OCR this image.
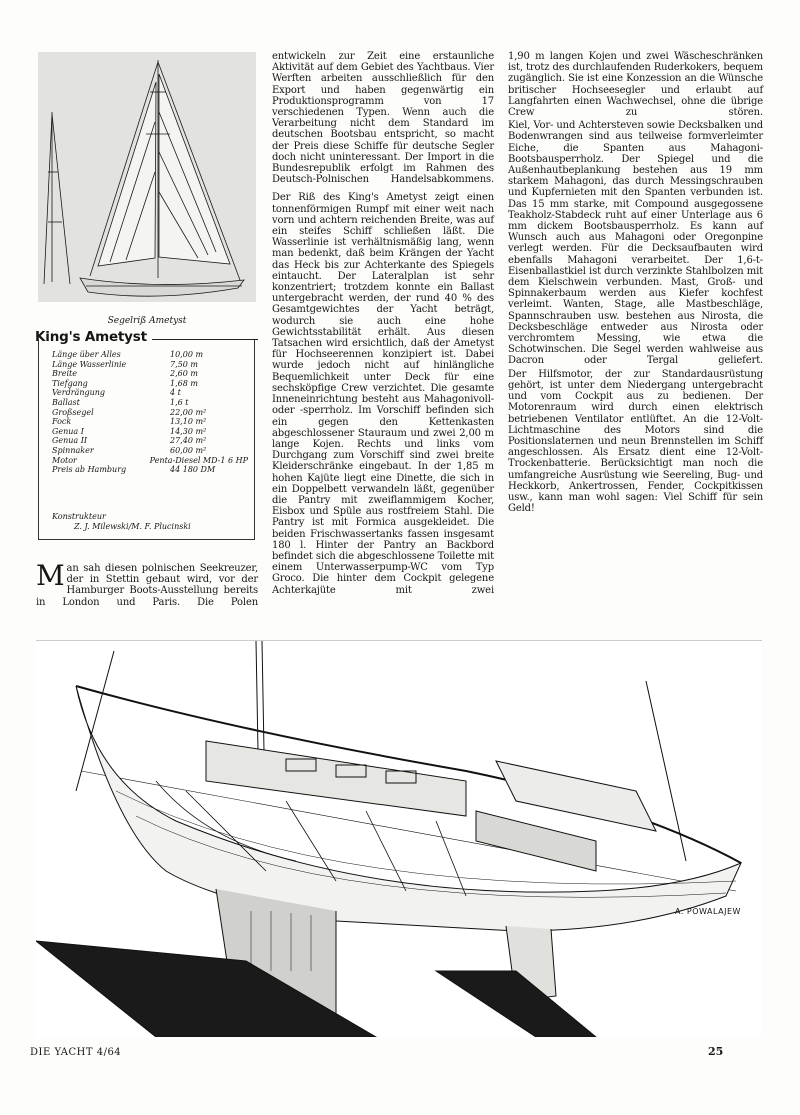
Segelriß Ametyst
King's Ametyst
Länge über Alles	10,00 m
Länge Wasserlinie	7,50 m
Breite	2,60 m
Tiefgang	1,68 m
Verdrängung	4 t
Ballast	1,6 t
Großsegel	22,00 m²
Fock	13,10 m²
Genua I	14,30 m²
Genua II	27,40 m²
Spinnaker	60,00 m²
Motor	Penta-Diesel MD-1 6 HP
Preis ab Hamburg	44 180 DM
Konstrukteur
Z. J. Milewski/M. F. Plucinski
Man sah diesen polnischen Seekreuzer, der in Stettin gebaut wird, vor der Hamburger Boots-Ausstellung bereits in London und Paris. Die Polen
entwickeln zur Zeit eine erstaunliche Aktivität auf dem Gebiet des Yachtbaus. Vier Werften arbeiten ausschließlich für den Export und haben gegenwärtig ein Produktionsprogramm von 17 verschiedenen Typen. Wenn auch die Verarbeitung nicht dem Standard im deutschen Bootsbau entspricht, so macht der Preis diese Schiffe für deutsche Segler doch nicht uninteressant. Der Import in die Bundesrepublik erfolgt im Rahmen des Deutsch-Polnischen Handelsabkommens.
Der Riß des King's Ametyst zeigt einen tonnenförmigen Rumpf mit einer weit nach vorn und achtern reichenden Breite, was auf ein steifes Schiff schließen läßt. Die Wasserlinie ist verhältnismäßig lang, wenn man bedenkt, daß beim Krängen der Yacht das Heck bis zur Achterkante des Spiegels eintaucht. Der Lateralplan ist sehr konzentriert; trotzdem konnte ein Ballast untergebracht werden, der rund 40 % des Gesamtgewichtes der Yacht beträgt, wodurch sie auch eine hohe Gewichtsstabilität erhält. Aus diesen Tatsachen wird ersichtlich, daß der Ametyst für Hochseerennen konzipiert ist. Dabei wurde jedoch nicht auf hinlängliche Bequemlichkeit unter Deck für eine sechsköpfige Crew verzichtet. Die gesamte Inneneinrichtung besteht aus Mahagonivoll- oder -sperrholz. Im Vorschiff befinden sich ein gegen den Kettenkasten abgeschlossener Stauraum und zwei 2,00 m lange Kojen. Rechts und links vom Durchgang zum Vorschiff sind zwei breite Kleiderschränke eingebaut. In der 1,85 m hohen Kajüte liegt eine Dinette, die sich in ein Doppelbett verwandeln läßt, gegenüber die Pantry mit zweiflammigem Kocher, Eisbox und Spüle aus rostfreiem Stahl. Die Pantry ist mit Formica ausgekleidet. Die beiden Frischwassertanks fassen insgesamt 180 l. Hinter der Pantry an Backbord befindet sich die abgeschlossene Toilette mit einem Unterwasserpump-WC vom Typ Groco. Die hinter dem Cockpit gelegene Achterkajüte mit zwei
1,90 m langen Kojen und zwei Wäscheschränken ist, trotz des durchlaufenden Ruderkokers, bequem zugänglich. Sie ist eine Konzession an die Wünsche britischer Hochseesegler und erlaubt auf Langfahrten einen Wachwechsel, ohne die übrige Crew zu stören.
Kiel, Vor- und Achtersteven sowie Decksbalken und Bodenwrangen sind aus teilweise formverleimter Eiche, die Spanten aus Mahagoni-Bootsbausperrholz. Der Spiegel und die Außenhautbeplankung bestehen aus 19 mm starkem Mahagoni, das durch Messingschrauben und Kupfernieten mit den Spanten verbunden ist. Das 15 mm starke, mit Compound ausgegossene Teakholz-Stabdeck ruht auf einer Unterlage aus 6 mm dickem Bootsbausperrholz. Es kann auf Wunsch auch aus Mahagoni oder Oregonpine verlegt werden. Für die Decksaufbauten wird ebenfalls Mahagoni verarbeitet. Der 1,6-t-Eisenballastkiel ist durch verzinkte Stahlbolzen mit dem Kielschwein verbunden. Mast, Groß- und Spinnakerbaum werden aus Kiefer kochfest verleimt. Wanten, Stage, alle Mastbeschläge, Spannschrauben usw. bestehen aus Nirosta, die Decksbeschläge entweder aus Nirosta oder verchromtem Messing, wie etwa die Schotwinschen. Die Segel werden wahlweise aus Dacron oder Tergal geliefert.
Der Hilfsmotor, der zur Standardausrüstung gehört, ist unter dem Niedergang untergebracht und vom Cockpit aus zu bedienen. Der Motorenraum wird durch einen elektrisch betriebenen Ventilator entlüftet. An die 12-Volt-Lichtmaschine des Motors sind die Positionslaternen und neun Brennstellen im Schiff angeschlossen. Als Ersatz dient eine 12-Volt-Trockenbatterie. Berücksichtigt man noch die umfangreiche Ausrüstung wie Seereling, Bug- und Heckkorb, Ankertrossen, Fender, Cockpitkissen usw., kann man wohl sagen: Viel Schiff für sein Geld!
A. POWALAJEW
DIE YACHT 4/64	25
